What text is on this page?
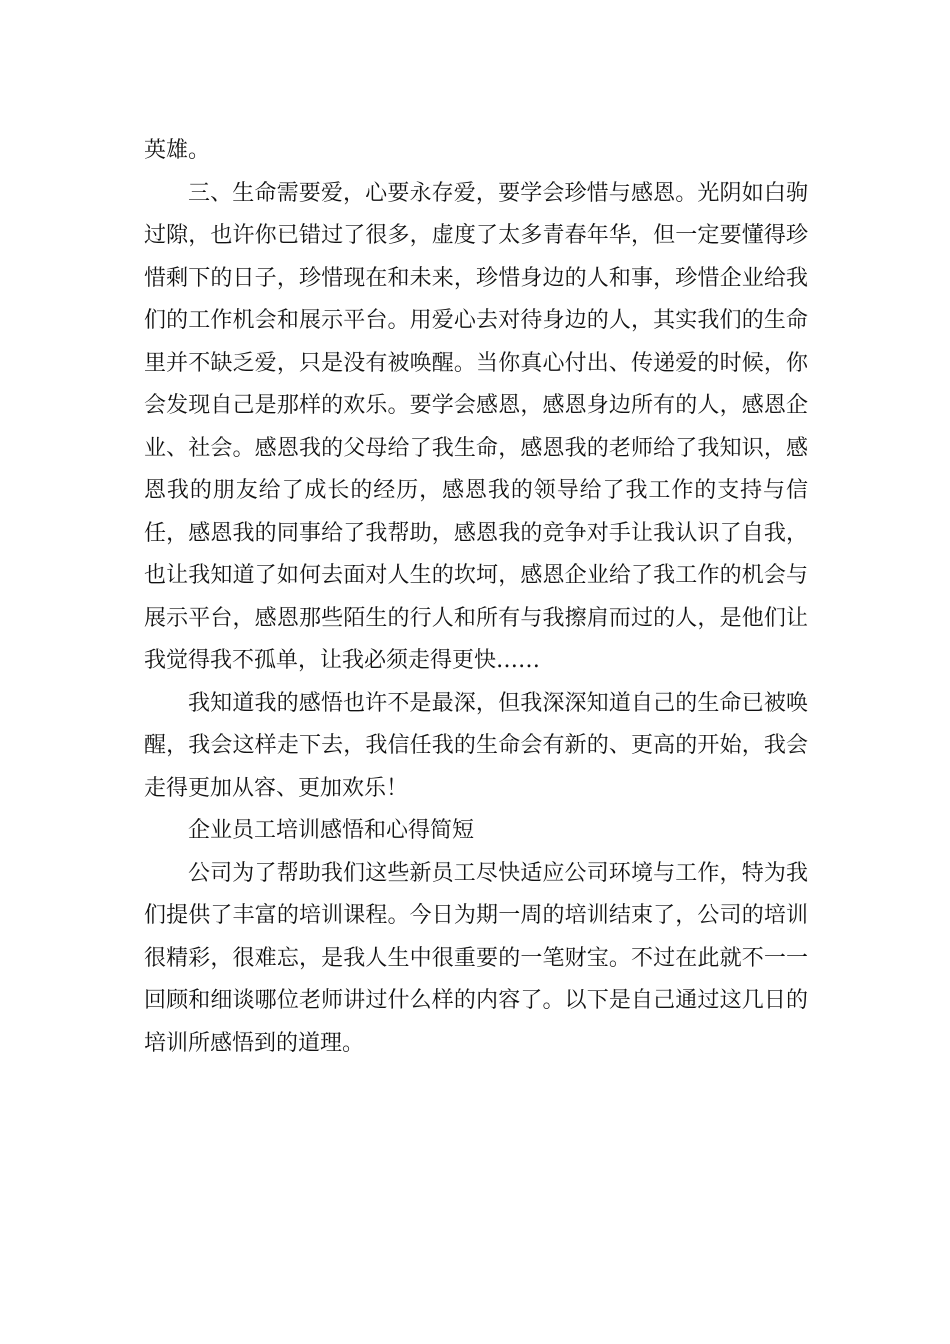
英雄。

三、生命需要爱，心要永存爱，要学会珍惜与感恩。光阴如白驹过隙，也许你已错过了很多，虚度了太多青春年华，但一定要懂得珍惜剩下的日子，珍惜现在和未来，珍惜身边的人和事，珍惜企业给我们的工作机会和展示平台。用爱心去对待身边的人，其实我们的生命里并不缺乏爱，只是没有被唤醒。当你真心付出、传递爱的时候，你会发现自己是那样的欢乐。要学会感恩，感恩身边所有的人，感恩企业、社会。感恩我的父母给了我生命，感恩我的老师给了我知识，感恩我的朋友给了成长的经历，感恩我的领导给了我工作的支持与信任，感恩我的同事给了我帮助，感恩我的竞争对手让我认识了自我，也让我知道了如何去面对人生的坎坷，感恩企业给了我工作的机会与展示平台，感恩那些陌生的行人和所有与我擦肩而过的人，是他们让我觉得我不孤单，让我必须走得更快……

我知道我的感悟也许不是最深，但我深深知道自己的生命已被唤醒，我会这样走下去，我信任我的生命会有新的、更高的开始，我会走得更加从容、更加欢乐！

企业员工培训感悟和心得简短

公司为了帮助我们这些新员工尽快适应公司环境与工作，特为我们提供了丰富的培训课程。今日为期一周的培训结束了，公司的培训很精彩，很难忘，是我人生中很重要的一笔财宝。不过在此就不一一回顾和细谈哪位老师讲过什么样的内容了。以下是自己通过这几日的培训所感悟到的道理。
